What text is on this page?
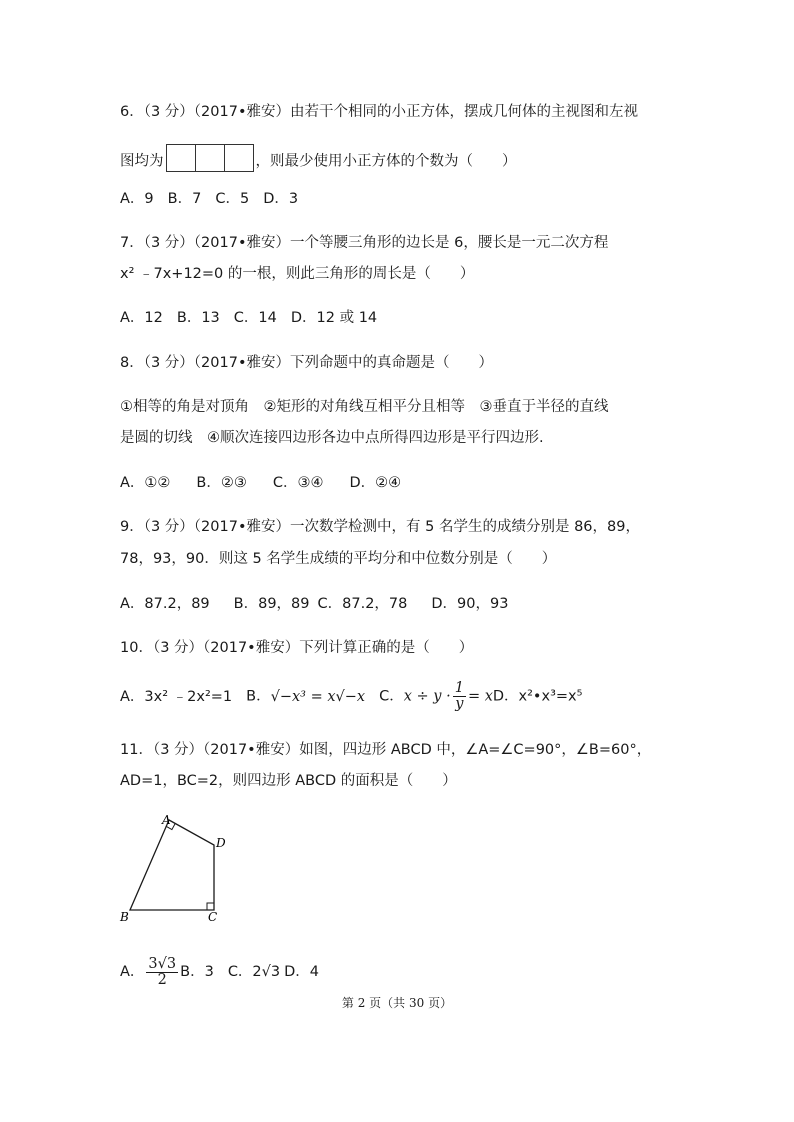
6．（3 分）（2017•雅安）由若干个相同的小正方体，摆成几何体的主视图和左视
图均为	，则最少使用小正方体的个数为（　　）
A．9 B．7 C．5 D．3
7．（3 分）（2017•雅安）一个等腰三角形的边长是 6，腰长是一元二次方程
x² ﹣7x+12=0 的一根，则此三角形的周长是（　　）
A．12 B．13 C．14 D．12 或 14
8．（3 分）（2017•雅安）下列命题中的真命题是（　　）
①相等的角是对顶角　②矩形的对角线互相平分且相等　③垂直于半径的直线
是圆的切线　④顺次连接四边形各边中点所得四边形是平行四边形.
A．①② B．②③ C．③④ D．②④
9．（3 分）（2017•雅安）一次数学检测中，有 5 名学生的成绩分别是 86，89，
78，93，90．则这 5 名学生成绩的平均分和中位数分别是（　　）
A．87.2，89 B．89，89 C．87.2，78 D．90，93
10．（3 分）（2017•雅安）下列计算正确的是（　　）
A．3x² ﹣2x²=1 B．√−x³ = x√−x C．$x \div y \cdot \frac{1}{y}$ = xD．x²•x³=x⁵
11．（3 分）（2017•雅安）如图，四边形 ABCD 中，∠A=∠C=90°，∠B=60°，
AD=1，BC=2，则四边形 ABCD 的面积是（　　）
A
D
B	C
A． $\frac{3√3}{2}$ B．3 C．2√3 D．4
第 2 页（共 30 页）
